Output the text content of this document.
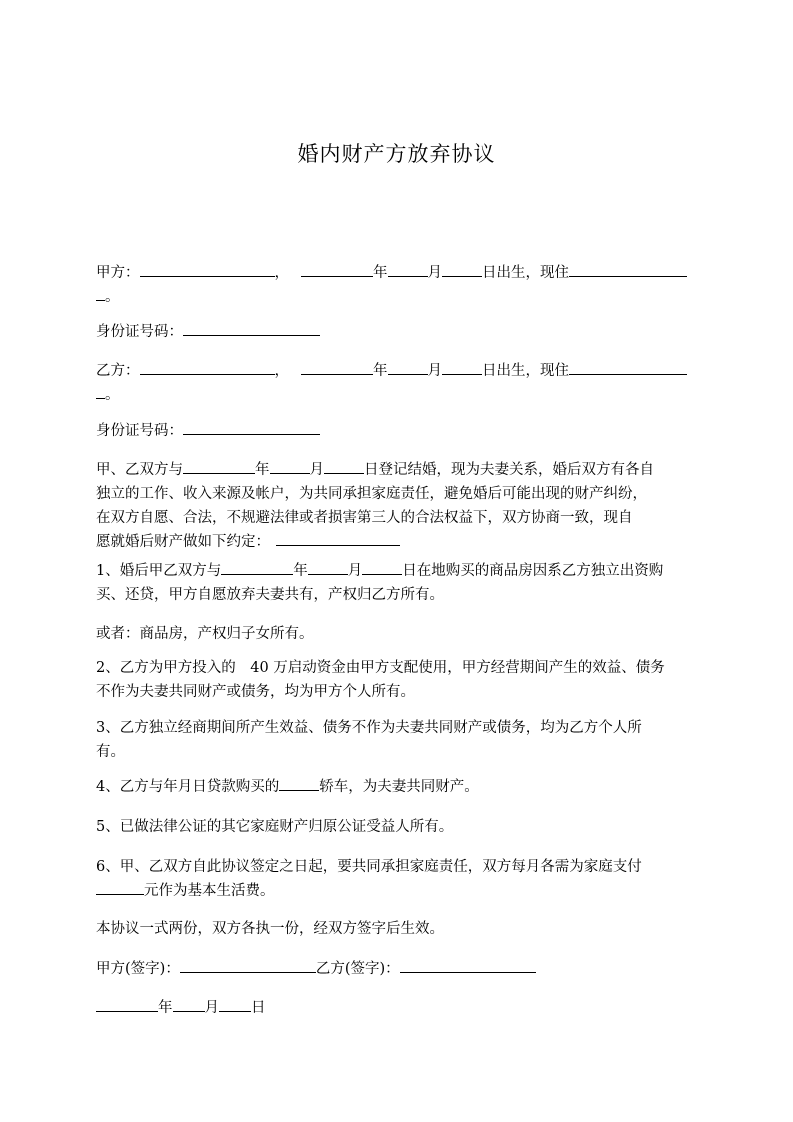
婚内财产方放弃协议
甲方：	，	年	月	日出生，现住
。
身份证号码：
乙方：	，	年	月	日出生，现住
。
身份证号码：
甲、乙双方与	年	月	日登记结婚，现为夫妻关系，婚后双方有各自
独立的工作、收入来源及帐户，为共同承担家庭责任，避免婚后可能出现的财产纠纷，
在双方自愿、合法，不规避法律或者损害第三人的合法权益下，双方协商一致，现自
愿就婚后财产做如下约定：
1、婚后甲乙双方与	年	月	日在地购买的商品房因系乙方独立出资购
买、还贷，甲方自愿放弃夫妻共有，产权归乙方所有。
或者：商品房，产权归子女所有。
2、乙方为甲方投入的　40 万启动资金由甲方支配使用，甲方经营期间产生的效益、债务
不作为夫妻共同财产或债务，均为甲方个人所有。
3、乙方独立经商期间所产生效益、债务不作为夫妻共同财产或债务，均为乙方个人所
有。
4、乙方与年月日贷款购买的	轿车，为夫妻共同财产。
5、已做法律公证的其它家庭财产归原公证受益人所有。
6、甲、乙双方自此协议签定之日起，要共同承担家庭责任，双方每月各需为家庭支付
元作为基本生活费。
本协议一式两份，双方各执一份，经双方签字后生效。
甲方(签字)：	乙方(签字)：
年 月 日
